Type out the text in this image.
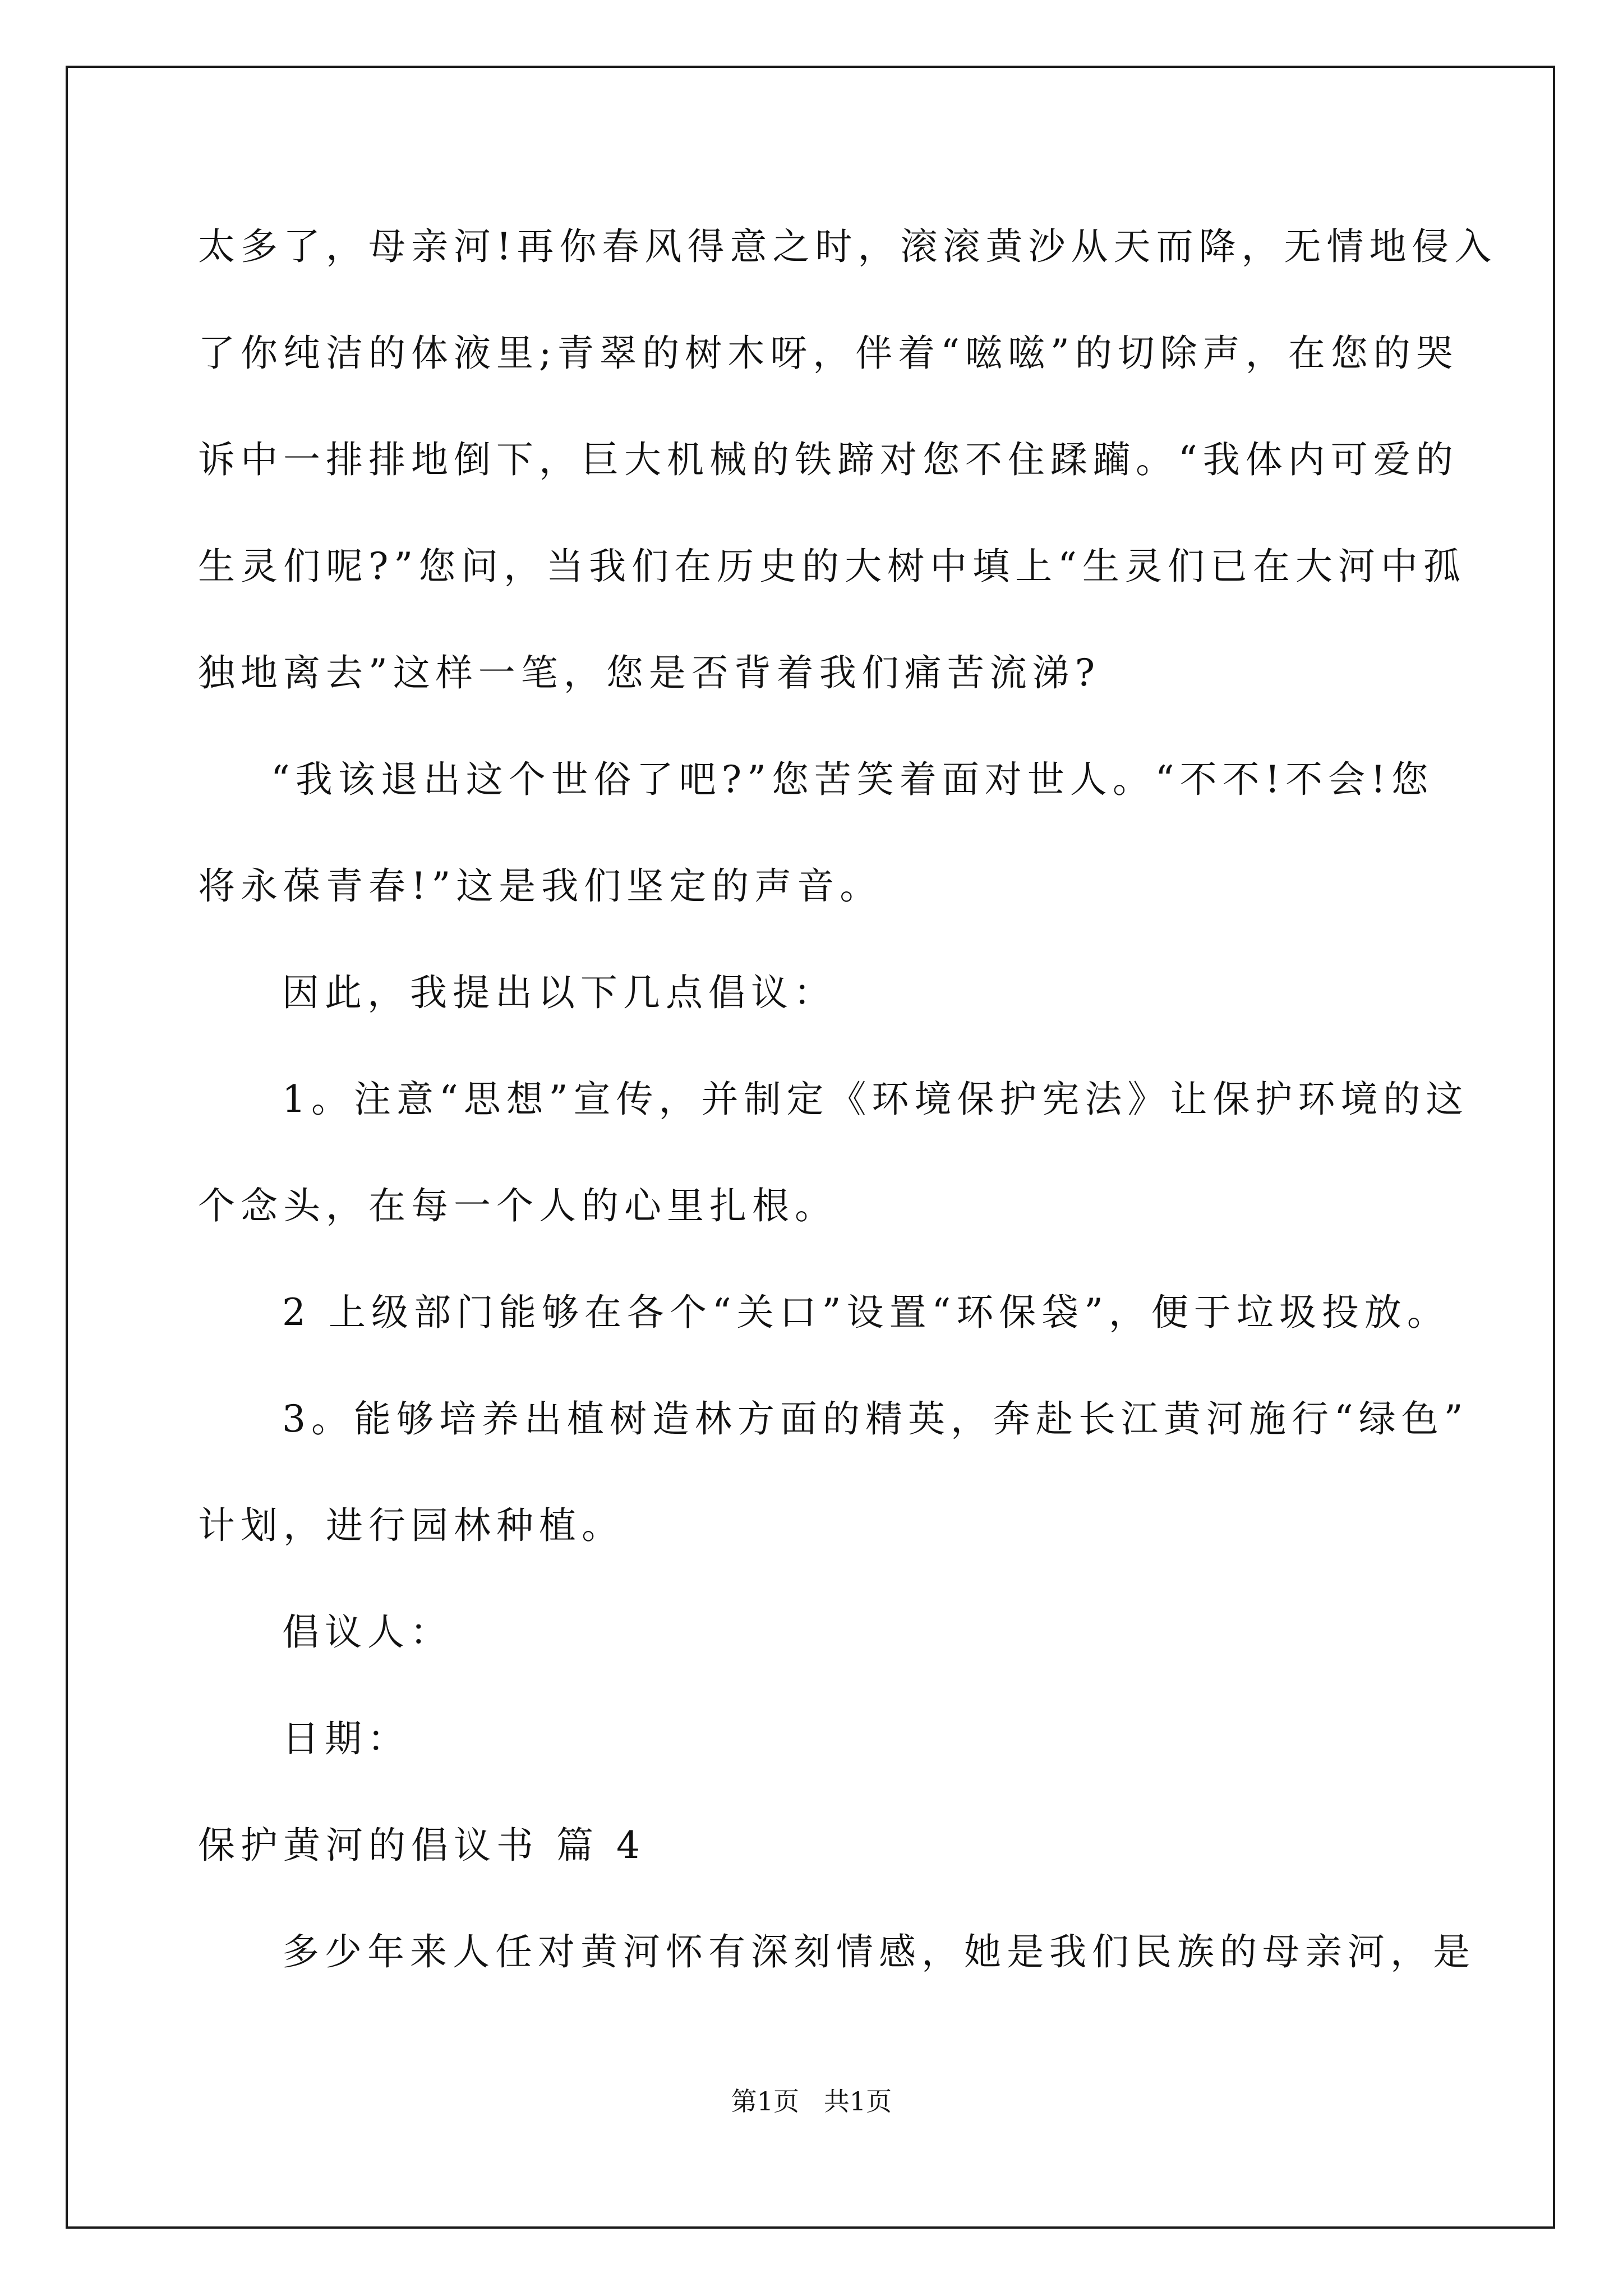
太多了，母亲河!再你春风得意之时，滚滚黄沙从天而降，无情地侵入
了你纯洁的体液里;青翠的树木呀，伴着“嗞嗞”的切除声，在您的哭
诉中一排排地倒下，巨大机械的铁蹄对您不住蹂躏。“我体内可爱的
生灵们呢?”您问，当我们在历史的大树中填上“生灵们已在大河中孤
独地离去”这样一笔，您是否背着我们痛苦流涕?
“我该退出这个世俗了吧?”您苦笑着面对世人。“不不!不会!您
将永葆青春!”这是我们坚定的声音。
因此，我提出以下几点倡议：
1。注意“思想”宣传，并制定《环境保护宪法》让保护环境的这
个念头，在每一个人的心里扎根。
2 上级部门能够在各个“关口”设置“环保袋”，便于垃圾投放。
3。能够培养出植树造林方面的精英，奔赴长江黄河施行“绿色”
计划，进行园林种植。
倡议人：
日期：
保护黄河的倡议书 篇 4
多少年来人任对黄河怀有深刻情感，她是我们民族的母亲河，是
第1页   共1页
